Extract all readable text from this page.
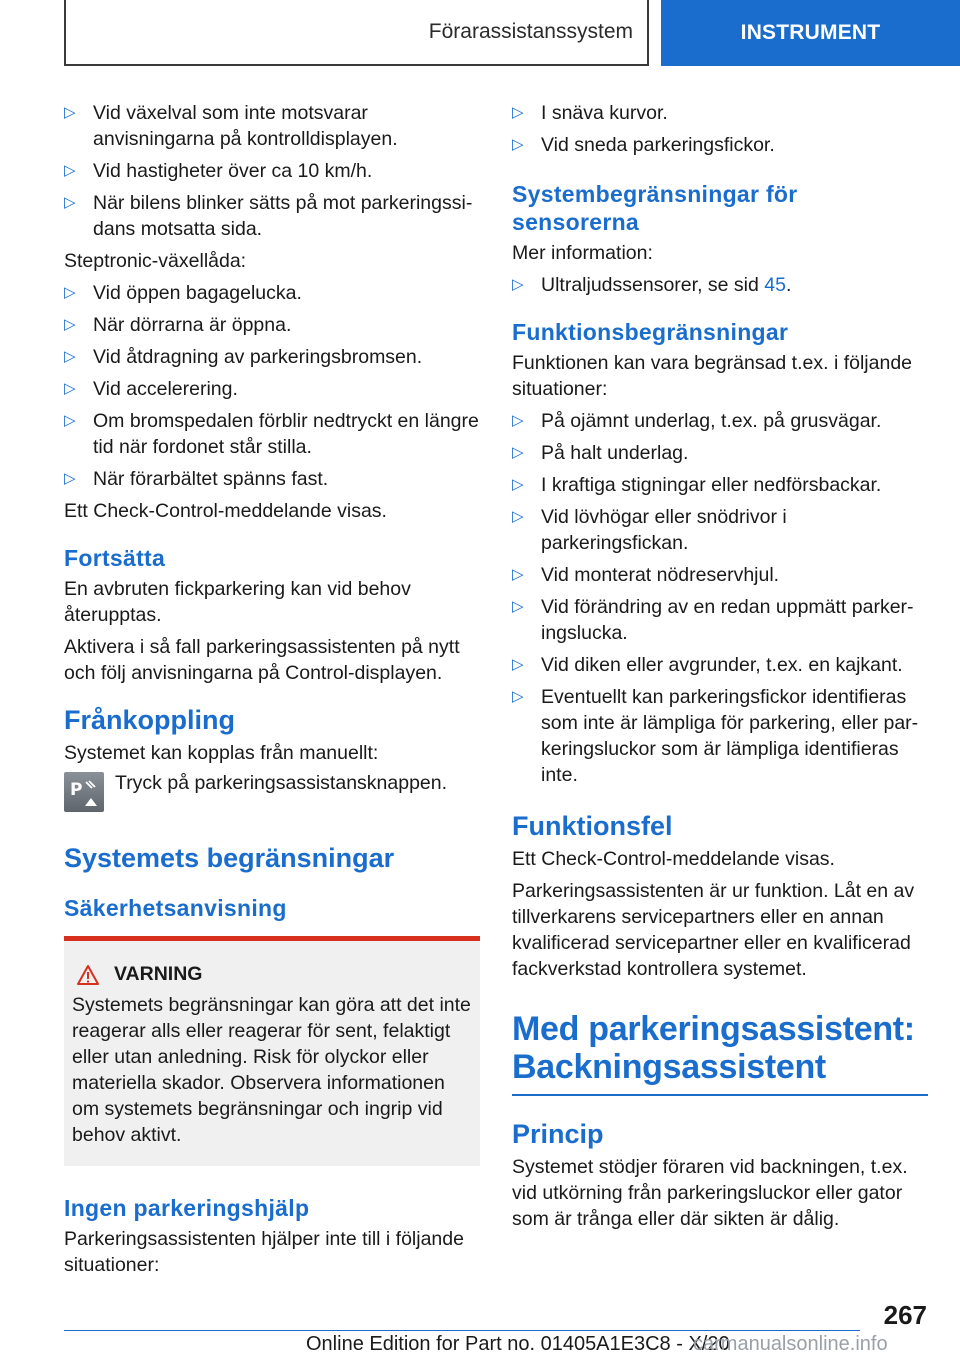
Förarassistanssystem	INSTRUMENT
▷ Vid växelval som inte motsvarar anvisningarna på kontrolldisplayen.
▷ Vid hastigheter över ca 10 km/h.
▷ När bilens blinker sätts på mot parkeringssidans motsatta sida.

Steptronic-växellåda:

▷ Vid öppen bagagelucka.
▷ När dörrarna är öppna.
▷ Vid åtdragning av parkeringsbromsen.
▷ Vid accelerering.
▷ Om bromspedalen förblir nedtryckt en längre tid när fordonet står stilla.
▷ När förarbältet spänns fast.

Ett Check-Control-meddelande visas.

Fortsätta

En avbruten fickparkering kan vid behov återupptas.

Aktivera i så fall parkeringsassistenten på nytt och följ anvisningarna på Control-displayen.

Frånkoppling

Systemet kan kopplas från manuellt:

P Tryck på parkeringsassistansknappen.

Systemets begränsningar
Säkerhetsanvisning
VARNING

Systemets begränsningar kan göra att det inte reagerar alls eller reagerar för sent, felaktigt eller utan anledning. Risk för olyckor eller materiella skador. Observera informationen om systemets begränsningar och ingrip vid behov aktivt.

Ingen parkeringshjälp

Parkeringsassistenten hjälper inte till i följande situationer:

▷ I snäva kurvor.
▷ Vid sneda parkeringsfickor.
Systembegränsningar för sensorerna

Mer information:

▷ Ultraljudssensorer, se sid 45.
Funktionsbegränsningar

Funktionen kan vara begränsad t.ex. i följande situationer:

▷ På ojämnt underlag, t.ex. på grusvägar.
▷ På halt underlag.
▷ I kraftiga stigningar eller nedförsbackar.
▷ Vid lövhögar eller snödrivor i parkeringsfickan.
▷ Vid monterat nödreservhjul.
▷ Vid förändring av en redan uppmätt parkeringslucka.
▷ Vid diken eller avgrunder, t.ex. en kajkant.
▷ Eventuellt kan parkeringsfickor identifieras som inte är lämpliga för parkering, eller parkeringsluckor som är lämpliga identifieras inte.
Funktionsfel

Ett Check-Control-meddelande visas.

Parkeringsassistenten är ur funktion. Låt en av tillverkarens servicepartners eller en annan kvalificerad servicepartner eller en kvalificerad fackverkstad kontrollera systemet.

Med parkeringsassistent: Backningsassistent
Princip

Systemet stödjer föraren vid backningen, t.ex. vid utkörning från parkeringsluckor eller gator som är trånga eller där sikten är dålig.

267
Online Edition for Part no. 01405A1E3C8 - X/20
carmanualsonline.info
